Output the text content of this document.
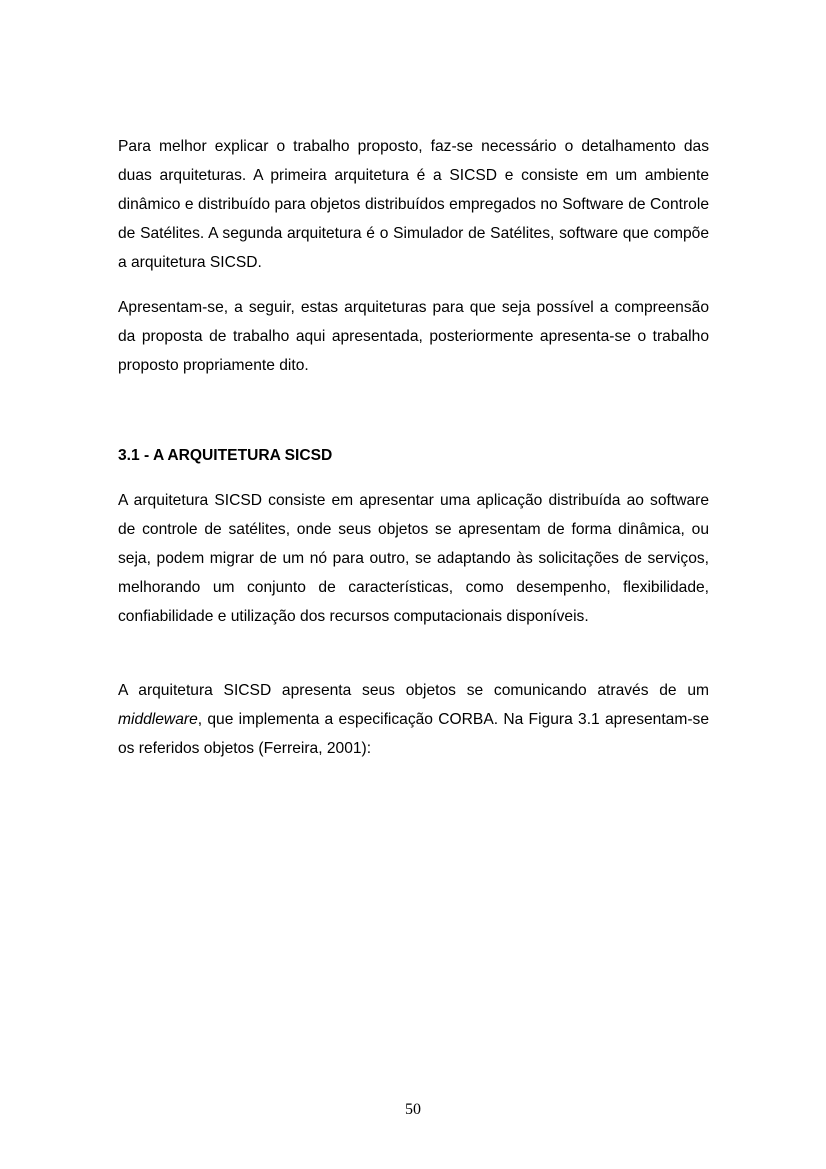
Para melhor explicar o trabalho proposto, faz-se necessário o detalhamento das duas arquiteturas. A primeira arquitetura é a SICSD e consiste em um ambiente dinâmico e distribuído para objetos distribuídos empregados no Software de Controle de Satélites. A segunda arquitetura é o Simulador de Satélites, software que compõe a arquitetura SICSD.

Apresentam-se, a seguir, estas arquiteturas para que seja possível a compreensão da proposta de trabalho aqui apresentada, posteriormente apresenta-se o trabalho proposto propriamente dito.

3.1 - A ARQUITETURA SICSD

A arquitetura SICSD consiste em apresentar uma aplicação distribuída ao software de controle de satélites, onde seus objetos se apresentam de forma dinâmica, ou seja, podem migrar de um nó para outro, se adaptando às solicitações de serviços, melhorando um conjunto de características, como desempenho, flexibilidade, confiabilidade e utilização dos recursos computacionais disponíveis.

A arquitetura SICSD apresenta seus objetos se comunicando através de um middleware, que implementa a especificação CORBA. Na Figura 3.1 apresentam-se os referidos objetos (Ferreira, 2001):

50
